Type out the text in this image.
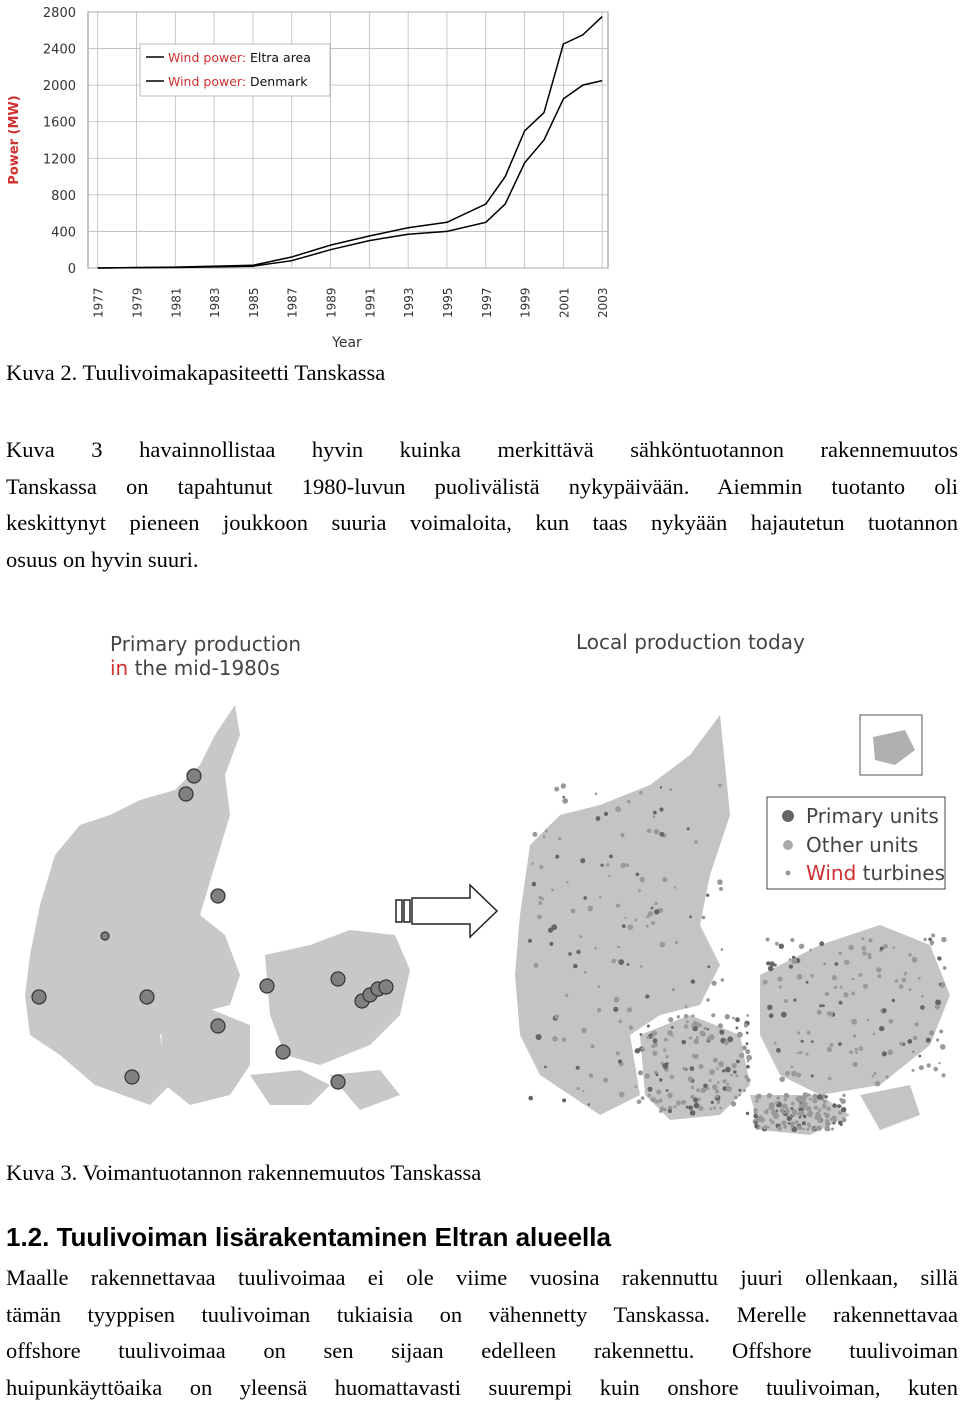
0
400
800
1200
1600
2000
2400
2800
1977 1979 1981 1983 1985 1987 1989 1991 1993 1995 1997 1999 2001 2003
Power (MW)
Year
Wind power: Eltra area
Wind power: Denmark
Kuva 2. Tuulivoimakapasiteetti Tanskassa
Kuva 3 havainnollistaa hyvin kuinka merkittävä sähköntuotannon rakennemuutos
Tanskassa on tapahtunut 1980-luvun puolivälistä nykypäivään. Aiemmin tuotanto oli
keskittynyt pieneen joukkoon suuria voimaloita, kun taas nykyään hajautetun tuotannon
osuus on hyvin suuri.
Primary production
in the mid-1980s
Local production today
Primary units
Other units
Wind turbines
Kuva 3. Voimantuotannon rakennemuutos Tanskassa
1.2. Tuulivoiman lisärakentaminen Eltran alueella
Maalle rakennettavaa tuulivoimaa ei ole viime vuosina rakennuttu juuri ollenkaan, sillä
tämän tyyppisen tuulivoiman tukiaisia on vähennetty Tanskassa. Merelle rakennettavaa
offshore tuulivoimaa on sen sijaan edelleen rakennettu. Offshore tuulivoiman
huipunkäyttöaika on yleensä huomattavasti suurempi kuin onshore tuulivoiman, kuten
